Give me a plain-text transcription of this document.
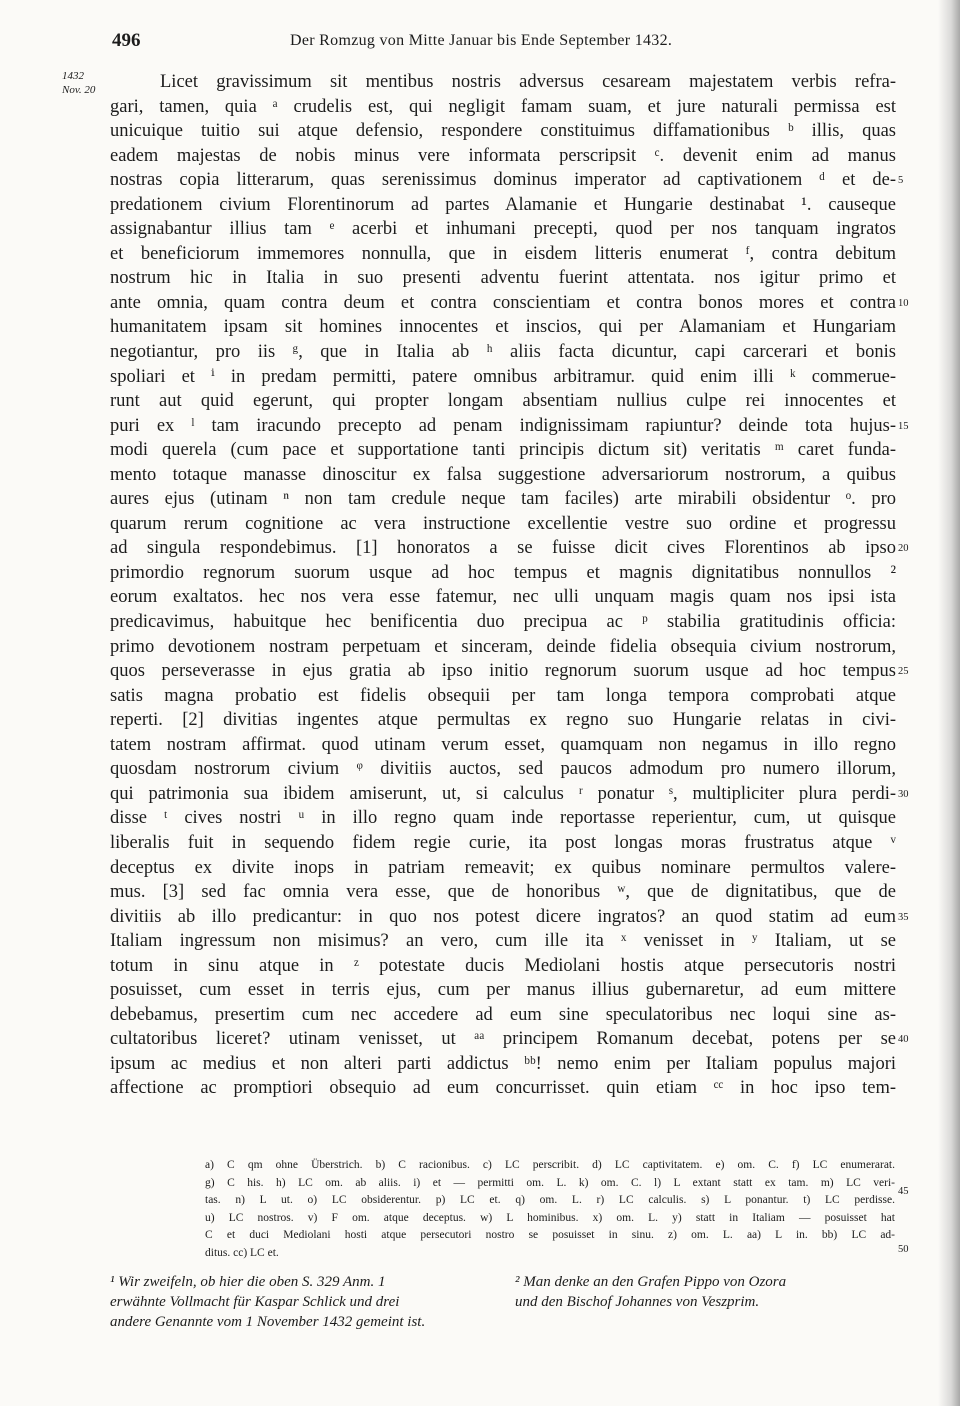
496	Der Romzug von Mitte Januar bis Ende September 1432.
1432
Nov. 20	Licet gravissimum sit mentibus nostris adversus cesaream majestatem verbis refra-
gari, tamen, quia ᵃ crudelis est, qui negligit famam suam, et jure naturali permissa est
unicuique tuitio sui atque defensio, respondere constituimus diffamationibus ᵇ illis, quas
eadem majestas de nobis minus vere informata perscripsit ᶜ. devenit enim ad manus
nostras copia litterarum, quas serenissimus dominus imperator ad captivationem ᵈ et de-
predationem civium Florentinorum ad partes Alamanie et Hungarie destinabat ¹. causeque
assignabantur illius tam ᵉ acerbi et inhumani precepti, quod per nos tanquam ingratos
et beneficiorum immemores nonnulla, que in eisdem litteris enumerat ᶠ, contra debitum
nostrum hic in Italia in suo presenti adventu fuerint attentata. nos igitur primo et
ante omnia, quam contra deum et contra conscientiam et contra bonos mores et contra
humanitatem ipsam sit homines innocentes et inscios, qui per Alamaniam et Hungariam
negotiantur, pro iis ᵍ, que in Italia ab ʰ aliis facta dicuntur, capi carcerari et bonis
spoliari et ⁱ in predam permitti, patere omnibus arbitramur. quid enim illi ᵏ commerue-
runt aut quid egerunt, qui propter longam absentiam nullius culpe rei innocentes et
puri ex ˡ tam iracundo precepto ad penam indignissimam rapiuntur? deinde tota hujus-
modi querela (cum pace et supportatione tanti principis dictum sit) veritatis ᵐ caret funda-
mento totaque manasse dinoscitur ex falsa suggestione adversariorum nostrorum, a quibus
aures ejus (utinam ⁿ non tam credule neque tam faciles) arte mirabili obsidentur ᵒ. pro
quarum rerum cognitione ac vera instructione excellentie vestre suo ordine et progressu
ad singula respondebimus. [1] honoratos a se fuisse dicit cives Florentinos ab ipso
primordio regnorum suorum usque ad hoc tempus et magnis dignitatibus nonnullos ²
eorum exaltatos. hec nos vera esse fatemur, nec ulli unquam magis quam nos ipsi ista
predicavimus, habuitque hec benificentia duo precipua ac ᵖ stabilia gratitudinis officia:
primo devotionem nostram perpetuam et sinceram, deinde fidelia obsequia civium nostrorum,
quos perseverasse in ejus gratia ab ipso initio regnorum suorum usque ad hoc tempus
satis magna probatio est fidelis obsequii per tam longa tempora comprobati atque
reperti. [2] divitias ingentes atque permultas ex regno suo Hungarie relatas in civi-
tatem nostram affirmat. quod utinam verum esset, quamquam non negamus in illo regno
quosdam nostrorum civium ᵠ divitiis auctos, sed paucos admodum pro numero illorum,
qui patrimonia sua ibidem amiserunt, ut, si calculus ʳ ponatur ˢ, multipliciter plura perdi-
disse ᵗ cives nostri ᵘ in illo regno quam inde reportasse reperientur, cum, ut quisque
liberalis fuit in sequendo fidem regie curie, ita post longas moras frustratus atque ᵛ
deceptus ex divite inops in patriam remeavit; ex quibus nominare permultos valere-
mus. [3] sed fac omnia vera esse, que de honoribus ʷ, que de dignitatibus, que de
divitiis ab illo predicantur: in quo nos potest dicere ingratos? an quod statim ad eum
Italiam ingressum non misimus? an vero, cum ille ita ˣ venisset in ʸ Italiam, ut se
totum in sinu atque in ᶻ potestate ducis Mediolani hostis atque persecutoris nostri
posuisset, cum esset in terris ejus, cum per manus illius gubernaretur, ad eum mittere
debebamus, presertim cum nec accedere ad eum sine speculatoribus nec loqui sine as-
cultatoribus liceret? utinam venisset, ut ᵃᵃ principem Romanum decebat, potens per se
ipsum ac medius et non alteri parti addictus ᵇᵇ! nemo enim per Italiam populus majori
affectione ac promptiori obsequio ad eum concurrisset. quin etiam ᶜᶜ in hoc ipso tem-
5
10
15
20
25
30
35
40
a) C qm ohne Überstrich. b) C racionibus. c) LC perscribit. d) LC captivitatem. e) om. C. f) LC enumerarat.
g) C his. h) LC om. ab aliis. i) et — permitti om. L. k) om. C. l) L extant statt ex tam. m) LC veri-
tas. n) L ut. o) LC obsiderentur. p) LC et. q) om. L. r) LC calculis. s) L ponantur. t) LC perdisse.
u) LC nostros. v) F om. atque deceptus. w) L hominibus. x) om. L. y) statt in Italiam — posuisset hat
C et duci Mediolani hosti atque persecutori nostro se posuisset in sinu. z) om. L. aa) L in. bb) LC ad-
ditus. cc) LC et.
45
¹ Wir zweifeln, ob hier die oben S. 329 Anm. 1
erwähnte Vollmacht für Kaspar Schlick und drei
andere Genannte vom 1 November 1432 gemeint ist.
² Man denke an den Grafen Pippo von Ozora
und den Bischof Johannes von Veszprim.
50
